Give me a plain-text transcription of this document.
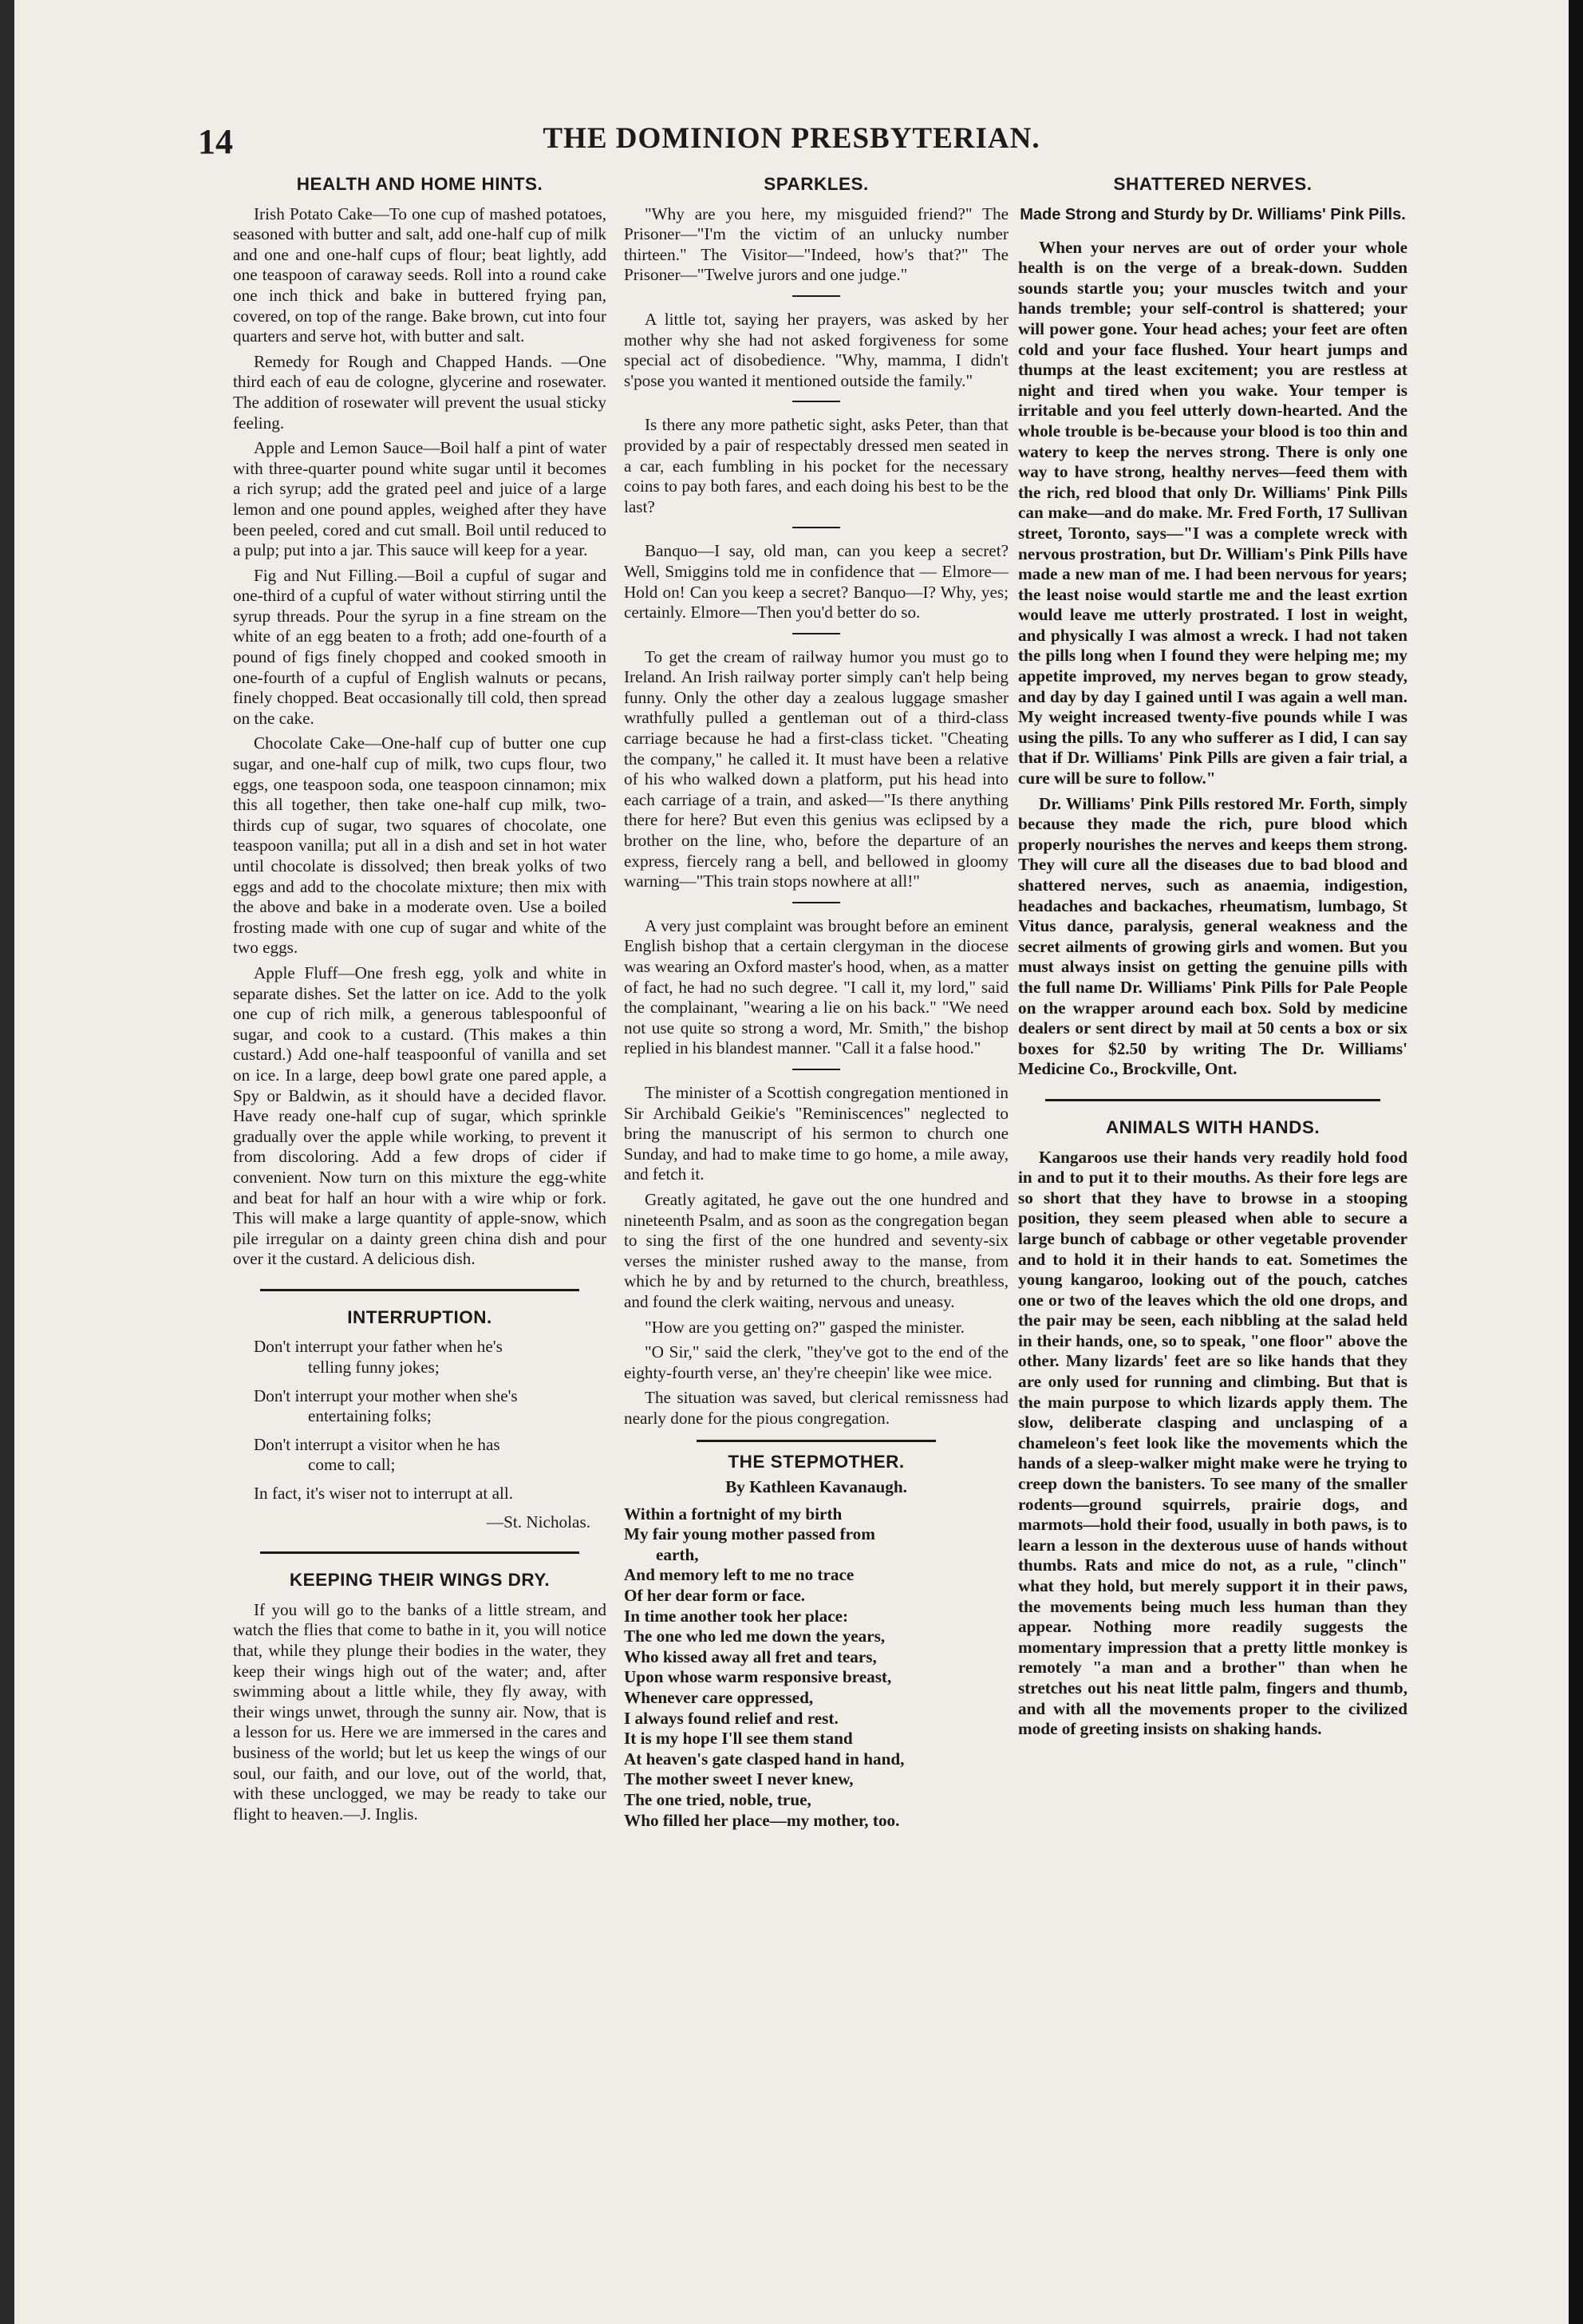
14	THE DOMINION PRESBYTERIAN.
HEALTH AND HOME HINTS.

Irish Potato Cake—To one cup of mashed potatoes, seasoned with butter and salt, add one-half cup of milk and one and one-half cups of flour; beat lightly, add one teaspoon of caraway seeds. Roll into a round cake one inch thick and bake in buttered frying pan, covered, on top of the range. Bake brown, cut into four quarters and serve hot, with butter and salt.

Remedy for Rough and Chapped Hands. —One third each of eau de cologne, glycerine and rosewater. The addition of rosewater will prevent the usual sticky feeling.

Apple and Lemon Sauce—Boil half a pint of water with three-quarter pound white sugar until it becomes a rich syrup; add the grated peel and juice of a large lemon and one pound apples, weighed after they have been peeled, cored and cut small. Boil until reduced to a pulp; put into a jar. This sauce will keep for a year.

Fig and Nut Filling.—Boil a cupful of sugar and one-third of a cupful of water without stirring until the syrup threads. Pour the syrup in a fine stream on the white of an egg beaten to a froth; add one-fourth of a pound of figs finely chopped and cooked smooth in one-fourth of a cupful of English walnuts or pecans, finely chopped. Beat occasionally till cold, then spread on the cake.

Chocolate Cake—One-half cup of butter one cup sugar, and one-half cup of milk, two cups flour, two eggs, one teaspoon soda, one teaspoon cinnamon; mix this all together, then take one-half cup milk, two-thirds cup of sugar, two squares of chocolate, one teaspoon vanilla; put all in a dish and set in hot water until chocolate is dissolved; then break yolks of two eggs and add to the chocolate mixture; then mix with the above and bake in a moderate oven. Use a boiled frosting made with one cup of sugar and white of the two eggs.

Apple Fluff—One fresh egg, yolk and white in separate dishes. Set the latter on ice. Add to the yolk one cup of rich milk, a generous tablespoonful of sugar, and cook to a custard. (This makes a thin custard.) Add one-half teaspoonful of vanilla and set on ice. In a large, deep bowl grate one pared apple, a Spy or Baldwin, as it should have a decided flavor. Have ready one-half cup of sugar, which sprinkle gradually over the apple while working, to prevent it from discoloring. Add a few drops of cider if convenient. Now turn on this mixture the egg-white and beat for half an hour with a wire whip or fork. This will make a large quantity of apple-snow, which pile irregular on a dainty green china dish and pour over it the custard. A delicious dish.

INTERRUPTION.
Don't interrupt your father when he's
telling funny jokes;
Don't interrupt your mother when she's
entertaining folks;
Don't interrupt a visitor when he has
come to call;
In fact, it's wiser not to interrupt at all.

—St. Nicholas.

KEEPING THEIR WINGS DRY.

If you will go to the banks of a little stream, and watch the flies that come to bathe in it, you will notice that, while they plunge their bodies in the water, they keep their wings high out of the water; and, after swimming about a little while, they fly away, with their wings unwet, through the sunny air. Now, that is a lesson for us. Here we are immersed in the cares and business of the world; but let us keep the wings of our soul, our faith, and our love, out of the world, that, with these unclogged, we may be ready to take our flight to heaven.—J. Inglis.

SPARKLES.

"Why are you here, my misguided friend?" The Prisoner—"I'm the victim of an unlucky number thirteen." The Visitor—"Indeed, how's that?" The Prisoner—"Twelve jurors and one judge."

A little tot, saying her prayers, was asked by her mother why she had not asked forgiveness for some special act of disobedience. "Why, mamma, I didn't s'pose you wanted it mentioned outside the family."

Is there any more pathetic sight, asks Peter, than that provided by a pair of respectably dressed men seated in a car, each fumbling in his pocket for the necessary coins to pay both fares, and each doing his best to be the last?

Banquo—I say, old man, can you keep a secret? Well, Smiggins told me in confidence that — Elmore—Hold on! Can you keep a secret? Banquo—I? Why, yes; certainly. Elmore—Then you'd better do so.

To get the cream of railway humor you must go to Ireland. An Irish railway porter simply can't help being funny. Only the other day a zealous luggage smasher wrathfully pulled a gentleman out of a third-class carriage because he had a first-class ticket. "Cheating the company," he called it. It must have been a relative of his who walked down a platform, put his head into each carriage of a train, and asked—"Is there anything there for here? But even this genius was eclipsed by a brother on the line, who, before the departure of an express, fiercely rang a bell, and bellowed in gloomy warning—"This train stops nowhere at all!"

A very just complaint was brought before an eminent English bishop that a certain clergyman in the diocese was wearing an Oxford master's hood, when, as a matter of fact, he had no such degree. "I call it, my lord," said the complainant, "wearing a lie on his back." "We need not use quite so strong a word, Mr. Smith," the bishop replied in his blandest manner. "Call it a false hood."

The minister of a Scottish congregation mentioned in Sir Archibald Geikie's "Reminiscences" neglected to bring the manuscript of his sermon to church one Sunday, and had to make time to go home, a mile away, and fetch it.

Greatly agitated, he gave out the one hundred and nineteenth Psalm, and as soon as the congregation began to sing the first of the one hundred and seventy-six verses the minister rushed away to the manse, from which he by and by returned to the church, breathless, and found the clerk waiting, nervous and uneasy.

"How are you getting on?" gasped the minister.

"O Sir," said the clerk, "they've got to the end of the eighty-fourth verse, an' they're cheepin' like wee mice.

The situation was saved, but clerical remissness had nearly done for the pious congregation.

THE STEPMOTHER.
By Kathleen Kavanaugh.
Within a fortnight of my birth
My fair young mother passed from
earth,
And memory left to me no trace
Of her dear form or face.
In time another took her place:
The one who led me down the years,
Who kissed away all fret and tears,
Upon whose warm responsive breast,
Whenever care oppressed,
I always found relief and rest.
It is my hope I'll see them stand
At heaven's gate clasped hand in hand,
The mother sweet I never knew,
The one tried, noble, true,
Who filled her place—my mother, too.
SHATTERED NERVES.
Made Strong and Sturdy by Dr. Williams' Pink Pills.

When your nerves are out of order your whole health is on the verge of a break-down. Sudden sounds startle you; your muscles twitch and your hands tremble; your self-control is shattered; your will power gone. Your head aches; your feet are often cold and your face flushed. Your heart jumps and thumps at the least excitement; you are restless at night and tired when you wake. Your temper is irritable and you feel utterly down-hearted. And the whole trouble is be-because your blood is too thin and watery to keep the nerves strong. There is only one way to have strong, healthy nerves—feed them with the rich, red blood that only Dr. Williams' Pink Pills can make—and do make. Mr. Fred Forth, 17 Sullivan street, Toronto, says—"I was a complete wreck with nervous prostration, but Dr. William's Pink Pills have made a new man of me. I had been nervous for years; the least noise would startle me and the least exrtion would leave me utterly prostrated. I lost in weight, and physically I was almost a wreck. I had not taken the pills long when I found they were helping me; my appetite improved, my nerves began to grow steady, and day by day I gained until I was again a well man. My weight increased twenty-five pounds while I was using the pills. To any who sufferer as I did, I can say that if Dr. Williams' Pink Pills are given a fair trial, a cure will be sure to follow."

Dr. Williams' Pink Pills restored Mr. Forth, simply because they made the rich, pure blood which properly nourishes the nerves and keeps them strong. They will cure all the diseases due to bad blood and shattered nerves, such as anaemia, indigestion, headaches and backaches, rheumatism, lumbago, St Vitus dance, paralysis, general weakness and the secret ailments of growing girls and women. But you must always insist on getting the genuine pills with the full name Dr. Williams' Pink Pills for Pale People on the wrapper around each box. Sold by medicine dealers or sent direct by mail at 50 cents a box or six boxes for $2.50 by writing The Dr. Williams' Medicine Co., Brockville, Ont.

ANIMALS WITH HANDS.

Kangaroos use their hands very readily hold food in and to put it to their mouths. As their fore legs are so short that they have to browse in a stooping position, they seem pleased when able to secure a large bunch of cabbage or other vegetable provender and to hold it in their hands to eat. Sometimes the young kangaroo, looking out of the pouch, catches one or two of the leaves which the old one drops, and the pair may be seen, each nibbling at the salad held in their hands, one, so to speak, "one floor" above the other. Many lizards' feet are so like hands that they are only used for running and climbing. But that is the main purpose to which lizards apply them. The slow, deliberate clasping and unclasping of a chameleon's feet look like the movements which the hands of a sleep-walker might make were he trying to creep down the banisters. To see many of the smaller rodents—ground squirrels, prairie dogs, and marmots—hold their food, usually in both paws, is to learn a lesson in the dexterous uuse of hands without thumbs. Rats and mice do not, as a rule, "clinch" what they hold, but merely support it in their paws, the movements being much less human than they appear. Nothing more readily suggests the momentary impression that a pretty little monkey is remotely "a man and a brother" than when he stretches out his neat little palm, fingers and thumb, and with all the movements proper to the civilized mode of greeting insists on shaking hands.
